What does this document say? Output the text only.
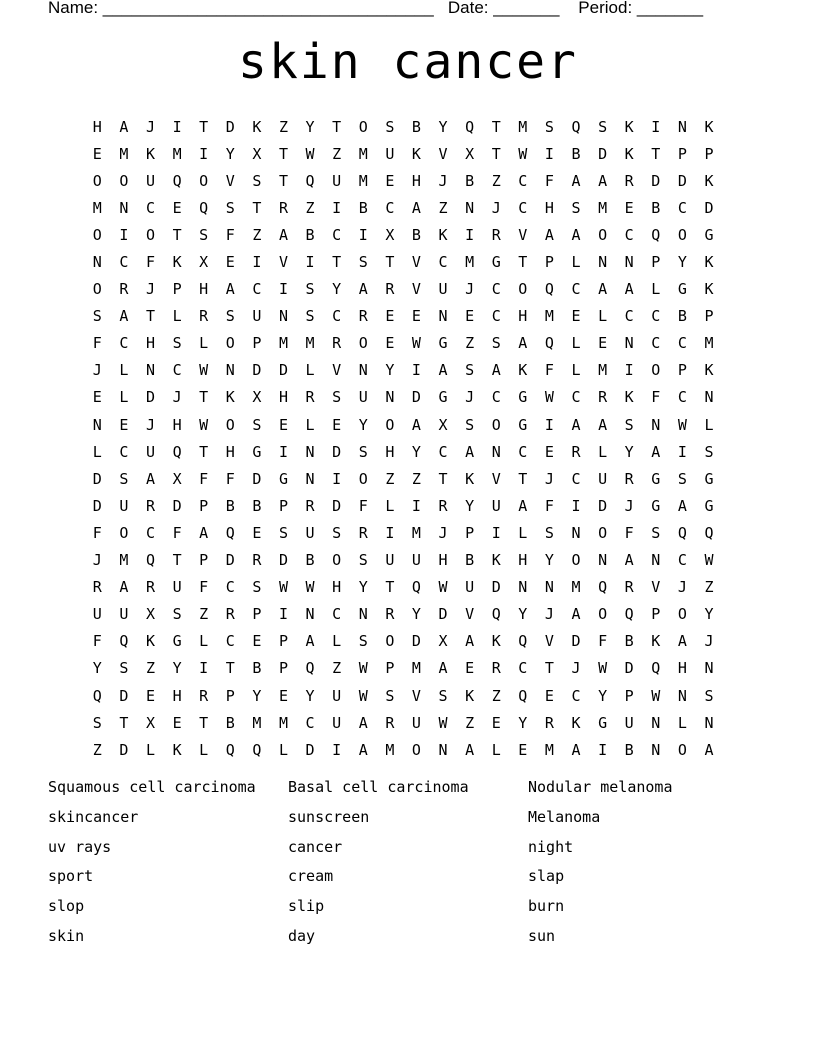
Name: ___________________________________   Date: _______    Period: _______
skin cancer
H	A	J	I	T	D	K	Z	Y	T	O	S	B	Y	Q	T	M	S	Q	S	K	I	N	K
E	M	K	M	I	Y	X	T	W	Z	M	U	K	V	X	T	W	I	B	D	K	T	P	P
O	O	U	Q	O	V	S	T	Q	U	M	E	H	J	B	Z	C	F	A	A	R	D	D	K
M	N	C	E	Q	S	T	R	Z	I	B	C	A	Z	N	J	C	H	S	M	E	B	C	D
O	I	O	T	S	F	Z	A	B	C	I	X	B	K	I	R	V	A	A	O	C	Q	O	G
N	C	F	K	X	E	I	V	I	T	S	T	V	C	M	G	T	P	L	N	N	P	Y	K
O	R	J	P	H	A	C	I	S	Y	A	R	V	U	J	C	O	Q	C	A	A	L	G	K
S	A	T	L	R	S	U	N	S	C	R	E	E	N	E	C	H	M	E	L	C	C	B	P
F	C	H	S	L	O	P	M	M	R	O	E	W	G	Z	S	A	Q	L	E	N	C	C	M
J	L	N	C	W	N	D	D	L	V	N	Y	I	A	S	A	K	F	L	M	I	O	P	K
E	L	D	J	T	K	X	H	R	S	U	N	D	G	J	C	G	W	C	R	K	F	C	N
N	E	J	H	W	O	S	E	L	E	Y	O	A	X	S	O	G	I	A	A	S	N	W	L
L	C	U	Q	T	H	G	I	N	D	S	H	Y	C	A	N	C	E	R	L	Y	A	I	S
D	S	A	X	F	F	D	G	N	I	O	Z	Z	T	K	V	T	J	C	U	R	G	S	G
D	U	R	D	P	B	B	P	R	D	F	L	I	R	Y	U	A	F	I	D	J	G	A	G
F	O	C	F	A	Q	E	S	U	S	R	I	M	J	P	I	L	S	N	O	F	S	Q	Q
J	M	Q	T	P	D	R	D	B	O	S	U	U	H	B	K	H	Y	O	N	A	N	C	W
R	A	R	U	F	C	S	W	W	H	Y	T	Q	W	U	D	N	N	M	Q	R	V	J	Z
U	U	X	S	Z	R	P	I	N	C	N	R	Y	D	V	Q	Y	J	A	O	Q	P	O	Y
F	Q	K	G	L	C	E	P	A	L	S	O	D	X	A	K	Q	V	D	F	B	K	A	J
Y	S	Z	Y	I	T	B	P	Q	Z	W	P	M	A	E	R	C	T	J	W	D	Q	H	N
Q	D	E	H	R	P	Y	E	Y	U	W	S	V	S	K	Z	Q	E	C	Y	P	W	N	S
S	T	X	E	T	B	M	M	C	U	A	R	U	W	Z	E	Y	R	K	G	U	N	L	N
Z	D	L	K	L	Q	Q	L	D	I	A	M	O	N	A	L	E	M	A	I	B	N	O	A
Squamous cell carcinoma	Basal cell carcinoma	Nodular melanoma
skincancer	sunscreen	Melanoma
uv rays	cancer	night
sport	cream	slap
slop	slip	burn
skin	day	sun
